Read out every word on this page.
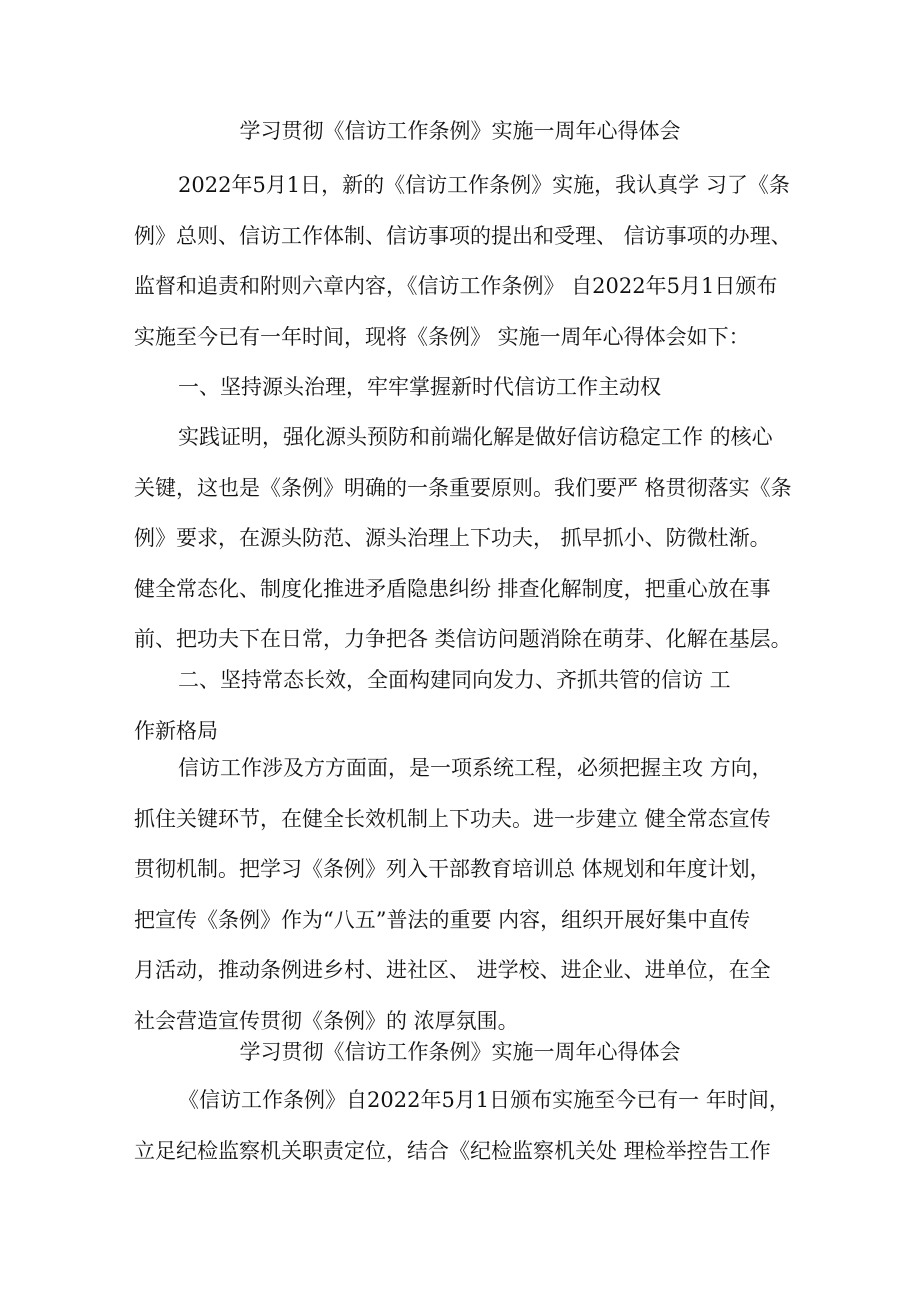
学习贯彻《信访工作条例》实施一周年心得体会
2022年5月1日，新的《信访工作条例》实施，我认真学 习了《条
例》总则、信访工作体制、信访事项的提出和受理、 信访事项的办理、
监督和追责和附则六章内容，《信访工作条例》 自2022年5月1日颁布
实施至今已有一年时间，现将《条例》 实施一周年心得体会如下：
一、坚持源头治理，牢牢掌握新时代信访工作主动权
实践证明，强化源头预防和前端化解是做好信访稳定工作 的核心
关键，这也是《条例》明确的一条重要原则。我们要严 格贯彻落实《条
例》要求，在源头防范、源头治理上下功夫， 抓早抓小、防微杜渐。
健全常态化、制度化推进矛盾隐患纠纷 排查化解制度，把重心放在事
前、把功夫下在日常，力争把各 类信访问题消除在萌芽、化解在基层。
二、坚持常态长效，全面构建同向发力、齐抓共管的信访 工
作新格局
信访工作涉及方方面面，是一项系统工程，必须把握主攻 方向，
抓住关键环节，在健全长效机制上下功夫。进一步建立 健全常态宣传
贯彻机制。把学习《条例》列入干部教育培训总 体规划和年度计划，
把宣传《条例》作为“八五”普法的重要 内容，组织开展好集中直传
月活动，推动条例进乡村、进社区、 进学校、进企业、进单位，在全
社会营造宣传贯彻《条例》的 浓厚氛围。
学习贯彻《信访工作条例》实施一周年心得体会
《信访工作条例》自2022年5月1日颁布实施至今已有一 年时间，
立足纪检监察机关职责定位，结合《纪检监察机关处 理检举控告工作
